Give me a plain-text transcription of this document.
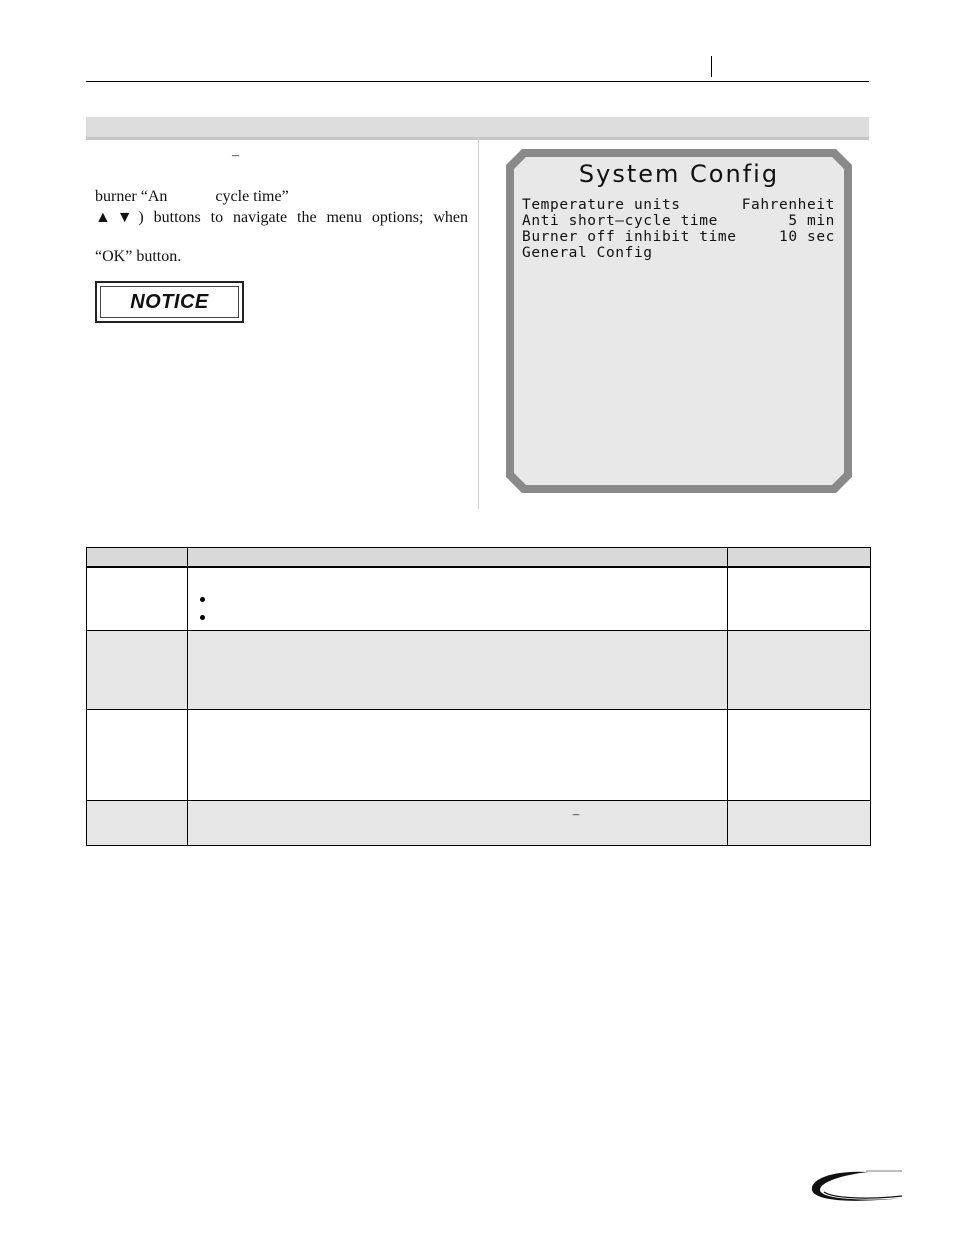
–
burner “An            cycle time”
▲▼) buttons to navigate the menu options; when
“OK” button.
NOTICE
System Config
Temperature units	Fahrenheit
Anti short–cycle time	5 min
Burner off inhibit time	10 sec
General Config

	–	
